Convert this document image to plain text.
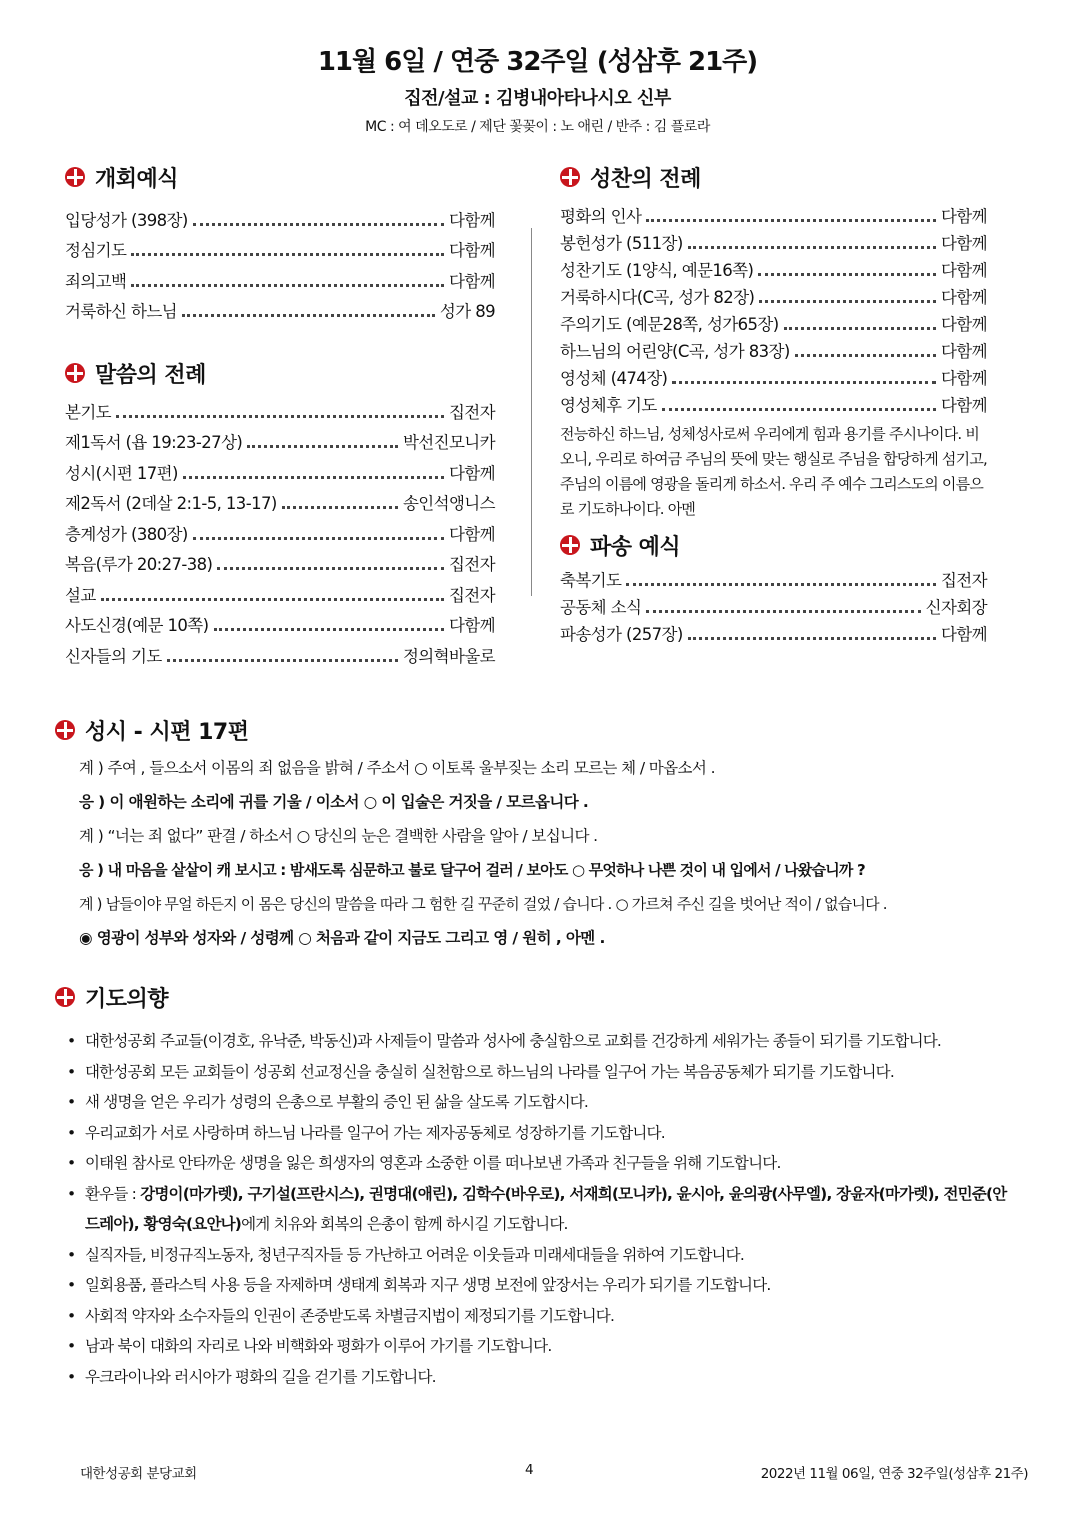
11월 6일 / 연중 32주일 (성삼후 21주)
집전/설교 : 김병내아타나시오 신부
MC : 여 데오도로 / 제단 꽃꽂이 : 노 애린 / 반주 : 김 플로라
개회예식
입당성가 (398장)	다함께
정심기도	다함께
죄의고백	다함께
거룩하신 하느님	성가 89
말씀의 전례
본기도	집전자
제1독서 (욥 19:23-27상)	박선진모니카
성시(시편 17편)	다함께
제2독서 (2데살 2:1-5, 13-17)	송인석앵니스
층계성가 (380장)	다함께
복음(루가 20:27-38)	집전자
설교	집전자
사도신경(예문 10쪽)	다함께
신자들의 기도	정의혁바울로
성찬의 전례
평화의 인사	다함께
봉헌성가 (511장)	다함께
성찬기도 (1양식, 예문16쪽)	다함께
거룩하시다(C곡, 성가 82장)	다함께
주의기도 (예문28쪽, 성가65장)	다함께
하느님의 어린양(C곡, 성가 83장)	다함께
영성체 (474장)	다함께
영성체후 기도	다함께
전능하신 하느님, 성체성사로써 우리에게 힘과 용기를 주시나이다. 비오니, 우리로 하여금 주님의 뜻에 맞는 행실로 주님을 합당하게 섬기고, 주님의 이름에 영광을 돌리게 하소서. 우리 주 예수 그리스도의 이름으로 기도하나이다. 아멘
파송 예식
축복기도	집전자
공동체 소식	신자회장
파송성가 (257장)	다함께
성시 - 시편 17편
계 ) 주여 , 들으소서 이몸의 죄 없음을 밝혀 / 주소서 ○ 이토록 울부짖는 소리 모르는 체 / 마옵소서 .
응 ) 이 애원하는 소리에 귀를 기울 / 이소서 ○ 이 입술은 거짓을 / 모르옵니다 .
계 ) “너는 죄 없다” 판결 / 하소서 ○ 당신의 눈은 결백한 사람을 알아 / 보십니다 .
응 ) 내 마음을 샅샅이 캐 보시고 : 밤새도록 심문하고 불로 달구어 걸러 / 보아도 ○ 무엇하나 나쁜 것이 내 입에서 / 나왔습니까 ?
계 ) 남들이야 무얼 하든지 이 몸은 당신의 말씀을 따라 그 험한 길 꾸준히 걸었 / 습니다 . ○ 가르쳐 주신 길을 벗어난 적이 / 없습니다 .
◉ 영광이 성부와 성자와 / 성령께 ○ 처음과 같이 지금도 그리고 영 / 원히 , 아멘 .
기도의향
• 대한성공회 주교들(이경호, 유낙준, 박동신)과 사제들이 말씀과 성사에 충실함으로 교회를 건강하게 세워가는 종들이 되기를 기도합니다.
• 대한성공회 모든 교회들이 성공회 선교정신을 충실히 실천함으로 하느님의 나라를 일구어 가는 복음공동체가 되기를 기도합니다.
• 새 생명을 얻은 우리가 성령의 은총으로 부활의 증인 된 삶을 살도록 기도합시다.
• 우리교회가 서로 사랑하며 하느님 나라를 일구어 가는 제자공동체로 성장하기를 기도합니다.
• 이태원 참사로 안타까운 생명을 잃은 희생자의 영혼과 소중한 이를 떠나보낸 가족과 친구들을 위해 기도합니다.
• 환우들 : 강명이(마가렛), 구기설(프란시스), 권명대(애린), 김학수(바우로), 서재희(모니카), 윤시아, 윤의광(사무엘), 장윤자(마가렛), 전민준(안드레아), 황영숙(요안나)에게 치유와 회복의 은총이 함께 하시길 기도합니다.
• 실직자들, 비정규직노동자, 청년구직자들 등 가난하고 어려운 이웃들과 미래세대들을 위하여 기도합니다.
• 일회용품, 플라스틱 사용 등을 자제하며 생태계 회복과 지구 생명 보전에 앞장서는 우리가 되기를 기도합니다.
• 사회적 약자와 소수자들의 인권이 존중받도록 차별금지법이 제정되기를 기도합니다.
• 남과 북이 대화의 자리로 나와 비핵화와 평화가 이루어 가기를 기도합니다.
• 우크라이나와 러시아가 평화의 길을 걷기를 기도합니다.
대한성공회 분당교회	4	2022년 11월 06일, 연중 32주일(성삼후 21주)
